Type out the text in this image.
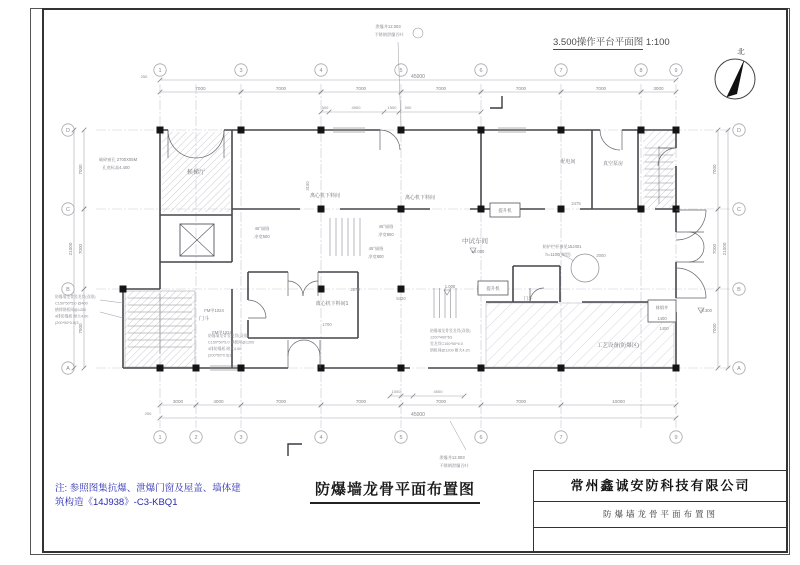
1	3	4	5	6	7	8	9
1	2	3	4	5	6	7	9
D	D
C	C
B	B
A	A
45000
7000	7000	7000	7000	7000	7000	3000
500	4900	1500 500
250
3000	4000	7000	7000	7000	7000	10000
45000
1000	4500
250
7000	7000
7000	7000
7000	7000
21000	21000
候梯厅
配电间	真空泵房
中试车间
离心机下料间	离心机下料间
离心机下料间1
门斗
门斗
工艺设备(防爆区)
提升机
提升机
排烟井
泄爆井12.003
不锈钢泄爆百叶
泄爆井12.003
不锈钢泄爆百叶
破碎窗孔 2700X05M
孔底标高4.400
45°锚缝
净宽500
45°锚缝
净宽800
45°锚缝
净宽800
防护栏杆参见15J401
h=1100(典型)
FM甲1024
FM甲1024
±0.000
1.000
-0.300
1400
防爆墙龙骨竖龙骨(双排)
C150*50*5.0 @400
横撑钢板网@1200
4排防爆板 耐火4.0h
(200*50*0.5)3
防爆墙龙骨竖龙骨(双排)
C150*50*5.0 钢板网@1200
4排防爆板 耐火4.0h
(200*50*0.5)3
防爆墙龙骨竖龙骨(双排)
1200*400*63
竖龙骨C150*50*5.0
钢板网@1200 耐火4.2h
3150
2475
2000
1400
5420
1700
2670
3.500操作平台平面图 1:100
北
注: 参照图集抗爆、泄爆门窗及屋盖、墙体建
筑构造《14J938》-C3-KBQ1
防爆墙龙骨平面布置图	常州鑫诚安防科技有限公司
防爆墙龙骨平面布置图
